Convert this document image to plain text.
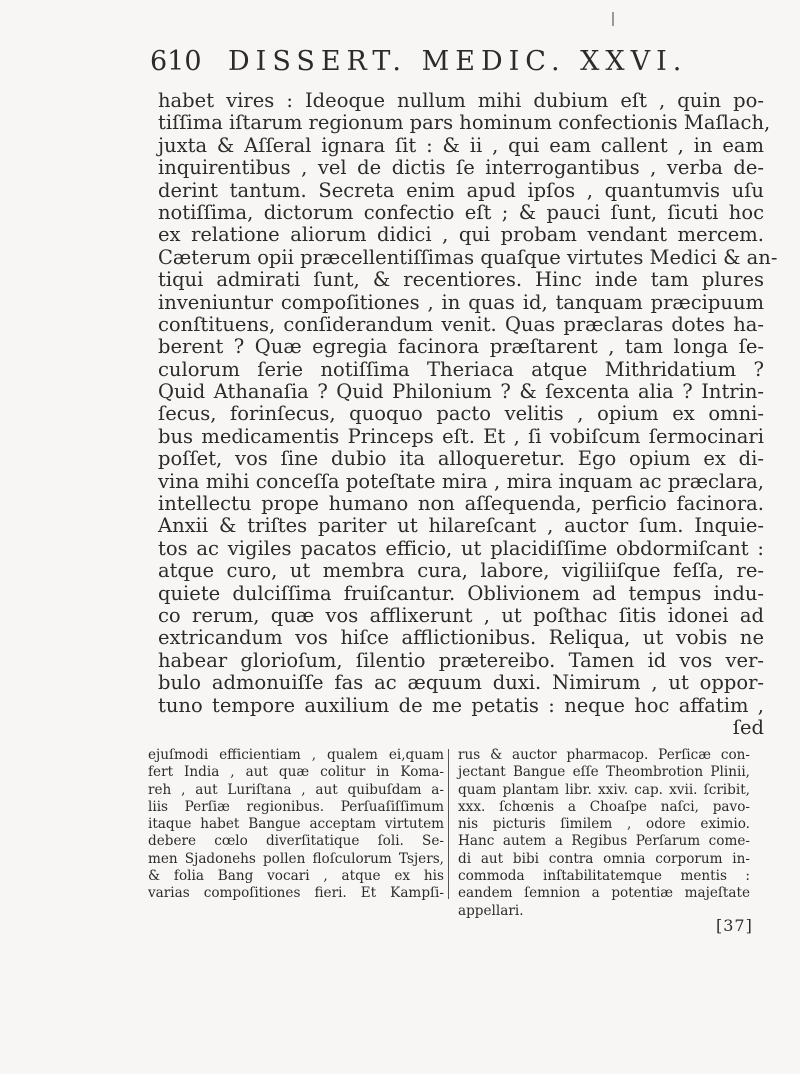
610 DISSERT. MEDIC. XXVI.
habet vires : Ideoque nullum mihi dubium eſt , quin po-
tiſſima iſtarum regionum pars hominum confectionis Maſlach,
juxta & Aſſeral ignara ſit : & ii , qui eam callent , in eam
inquirentibus , vel de dictis ſe interrogantibus , verba de-
derint tantum. Secreta enim apud ipſos , quantumvis uſu
notiſſima, dictorum confectio eſt ; & pauci ſunt, ſicuti hoc
ex relatione aliorum didici , qui probam vendant mercem.
Cæterum opii præcellentiſſimas quaſque virtutes Medici & an-
tiqui admirati ſunt, & recentiores. Hinc inde tam plures
inveniuntur compoſitiones , in quas id, tanquam præcipuum
conſtituens, conſiderandum venit. Quas præclaras dotes ha-
berent ? Quæ egregia facinora præſtarent , tam longa ſe-
culorum ſerie notiſſima Theriaca atque Mithridatium ?
Quid Athanaſia ? Quid Philonium ? & ſexcenta alia ? Intrin-
ſecus, forinſecus, quoquo pacto velitis , opium ex omni-
bus medicamentis Princeps eſt. Et , ſi vobiſcum ſermocinari
poſſet, vos ſine dubio ita alloqueretur. Ego opium ex di-
vina mihi conceſſa poteſtate mira , mira inquam ac præclara,
intellectu prope humano non aſſequenda, perficio facinora.
Anxii & triſtes pariter ut hilareſcant , auctor ſum. Inquie-
tos ac vigiles pacatos efficio, ut placidiſſime obdormiſcant :
atque curo, ut membra cura, labore, vigiliiſque feſſa, re-
quiete dulciſſima fruiſcantur. Oblivionem ad tempus indu-
co rerum, quæ vos afflixerunt , ut poſthac ſitis idonei ad
extricandum vos hiſce afflictionibus. Reliqua, ut vobis ne
habear glorioſum, ſilentio prætereibo. Tamen id vos ver-
bulo admonuiſſe fas ac æquum duxi. Nimirum , ut oppor-
tuno tempore auxilium de me petatis : neque hoc affatim ,
ſed
ejuſmodi efficientiam , qualem ei,quam
fert India , aut quæ colitur in Koma-
reh , aut Luriſtana , aut quibuſdam a-
liis Perſiæ regionibus. Perſuaſiſſimum
itaque habet Bangue acceptam virtutem
debere cœlo diverſitatique ſoli. Se-
men Sjadonehs pollen floſculorum Tsjers,
& folia Bang vocari , atque ex his
varias compoſitiones fieri. Et Kampſi-
rus & auctor pharmacop. Perſicæ con-
jectant Bangue eſſe Theombrotion Plinii,
quam plantam libr. xxiv. cap. xvii. ſcribit,
xxx. ſchœnis a Choaſpe naſci, pavo-
nis picturis ſimilem , odore eximio.
Hanc autem a Regibus Perſarum come-
di aut bibi contra omnia corporum in-
commoda inſtabilitatemque mentis :
eandem ſemnion a potentiæ majeſtate
appellari.
[37]
